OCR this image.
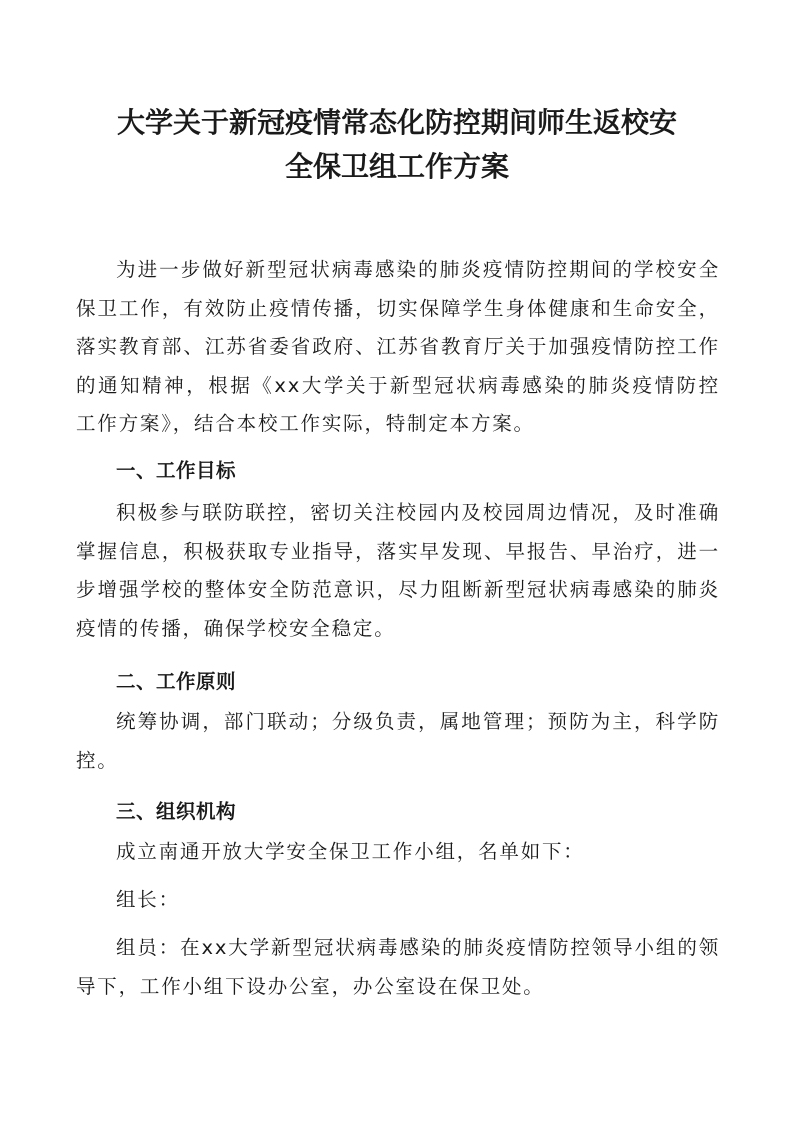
大学关于新冠疫情常态化防控期间师生返校安
全保卫组工作方案

为进一步做好新型冠状病毒感染的肺炎疫情防控期间的学校安全保卫工作，有效防止疫情传播，切实保障学生身体健康和生命安全，落实教育部、江苏省委省政府、江苏省教育厅关于加强疫情防控工作的通知精神，根据《xx大学关于新型冠状病毒感染的肺炎疫情防控工作方案》，结合本校工作实际，特制定本方案。

一、工作目标

积极参与联防联控，密切关注校园内及校园周边情况，及时准确掌握信息，积极获取专业指导，落实早发现、早报告、早治疗，进一步增强学校的整体安全防范意识，尽力阻断新型冠状病毒感染的肺炎疫情的传播，确保学校安全稳定。

二、工作原则

统筹协调，部门联动；分级负责，属地管理；预防为主，科学防控。

三、组织机构

成立南通开放大学安全保卫工作小组，名单如下：

组长：

组员：在xx大学新型冠状病毒感染的肺炎疫情防控领导小组的领导下，工作小组下设办公室，办公室设在保卫处。
